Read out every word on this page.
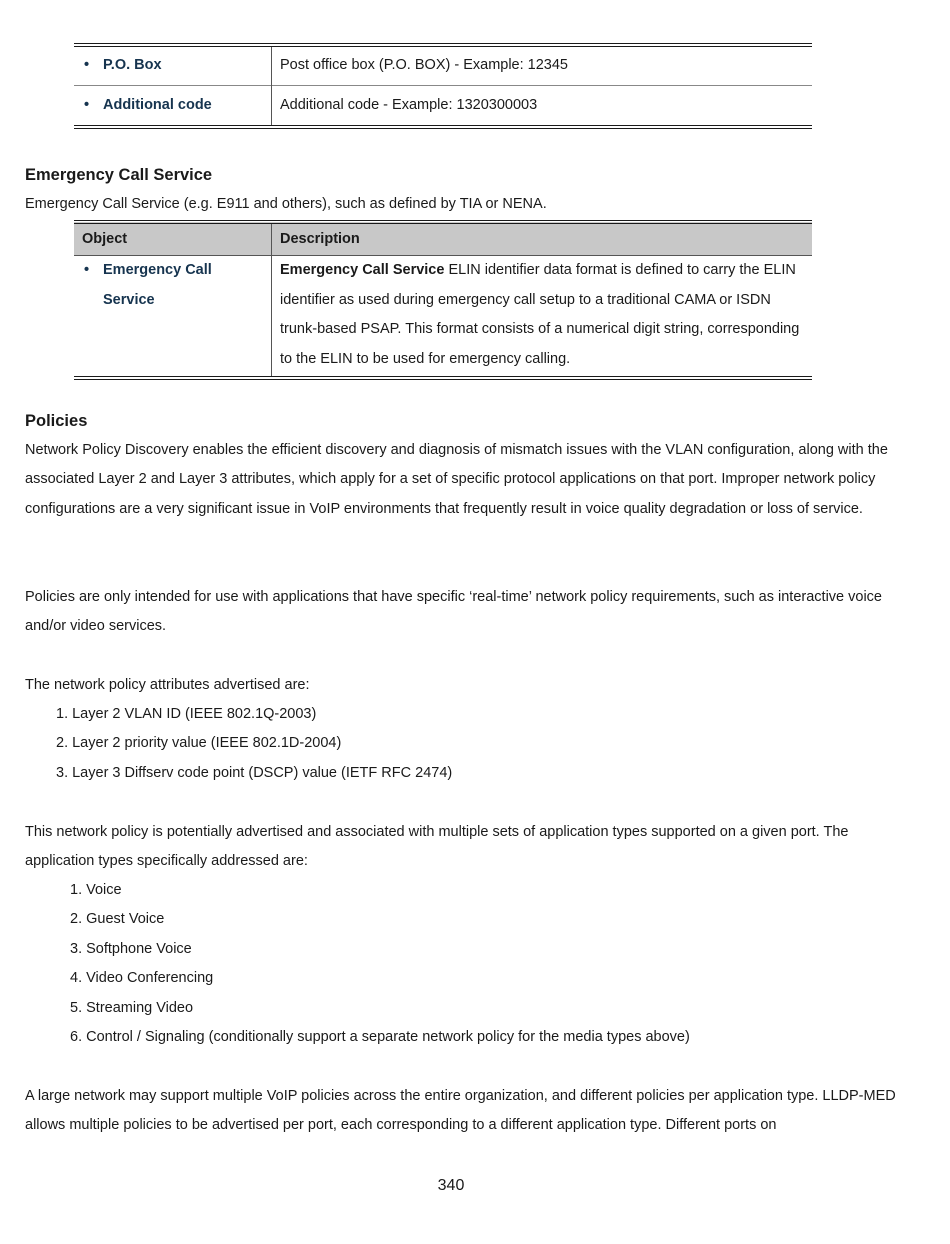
• P.O. Box	Post office box (P.O. BOX) - Example: 12345
• Additional code	Additional code - Example: 1320300003
Emergency Call Service

Emergency Call Service (e.g. E911 and others), such as defined by TIA or NENA.

Object	Description
• Emergency Call Service	Emergency Call Service ELIN identifier data format is defined to carry the ELIN identifier as used during emergency call setup to a traditional CAMA or ISDN trunk-based PSAP. This format consists of a numerical digit string, corresponding to the ELIN to be used for emergency calling.
Policies

Network Policy Discovery enables the efficient discovery and diagnosis of mismatch issues with the VLAN configuration, along with the associated Layer 2 and Layer 3 attributes, which apply for a set of specific protocol applications on that port. Improper network policy configurations are a very significant issue in VoIP environments that frequently result in voice quality degradation or loss of service.

Policies are only intended for use with applications that have specific ‘real-time’ network policy requirements, such as interactive voice and/or video services.

The network policy attributes advertised are:

1. Layer 2 VLAN ID (IEEE 802.1Q-2003)
2. Layer 2 priority value (IEEE 802.1D-2004)
3. Layer 3 Diffserv code point (DSCP) value (IETF RFC 2474)

This network policy is potentially advertised and associated with multiple sets of application types supported on a given port. The application types specifically addressed are:

1. Voice
2. Guest Voice
3. Softphone Voice
4. Video Conferencing
5. Streaming Video
6. Control / Signaling (conditionally support a separate network policy for the media types above)

A large network may support multiple VoIP policies across the entire organization, and different policies per application type. LLDP-MED allows multiple policies to be advertised per port, each corresponding to a different application type. Different ports on

340
